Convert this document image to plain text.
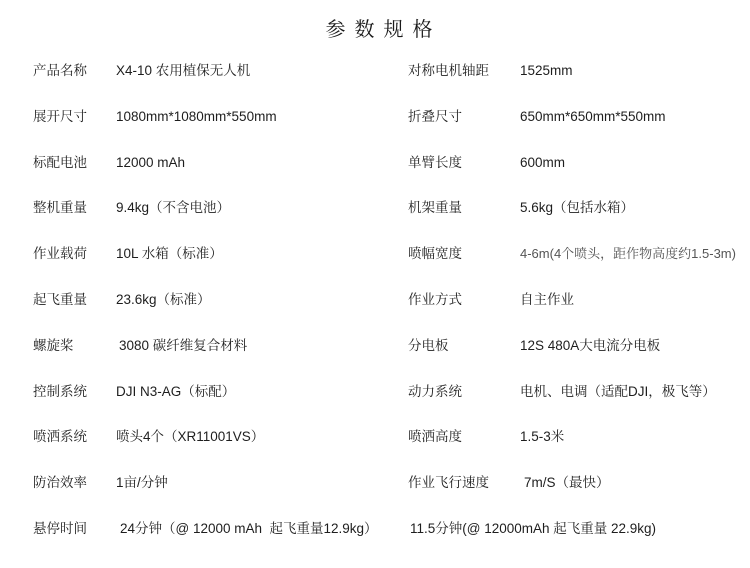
参数规格
产品名称 X4-10 农用植保无人机	对称电机轴距 1525mm
展开尺寸 1080mm*1080mm*550mm	折叠尺寸	650mm*650mm*550mm
标配电池 12000 mAh	单臂长度	600mm
整机重量 9.4kg（不含电池）	机架重量	5.6kg（包括水箱）
作业载荷 10L 水箱（标准）	喷幅宽度	4-6m(4个喷头，距作物高度约1.5-3m)
起飞重量 23.6kg（标准）	作业方式	自主作业
螺旋桨	3080 碳纤维复合材料	分电板	12S 480A大电流分电板
控制系统 DJI N3-AG（标配）	动力系统	电机、电调（适配DJI，极飞等）
喷洒系统 喷头4个（XR11001VS）	喷洒高度	1.5-3米
防治效率 1亩/分钟	作业飞行速度	7m/S（最快）
悬停时间 24分钟（@ 12000 mAh  起飞重量12.9kg） 11.5分钟(@ 12000mAh 起飞重量 22.9kg)
